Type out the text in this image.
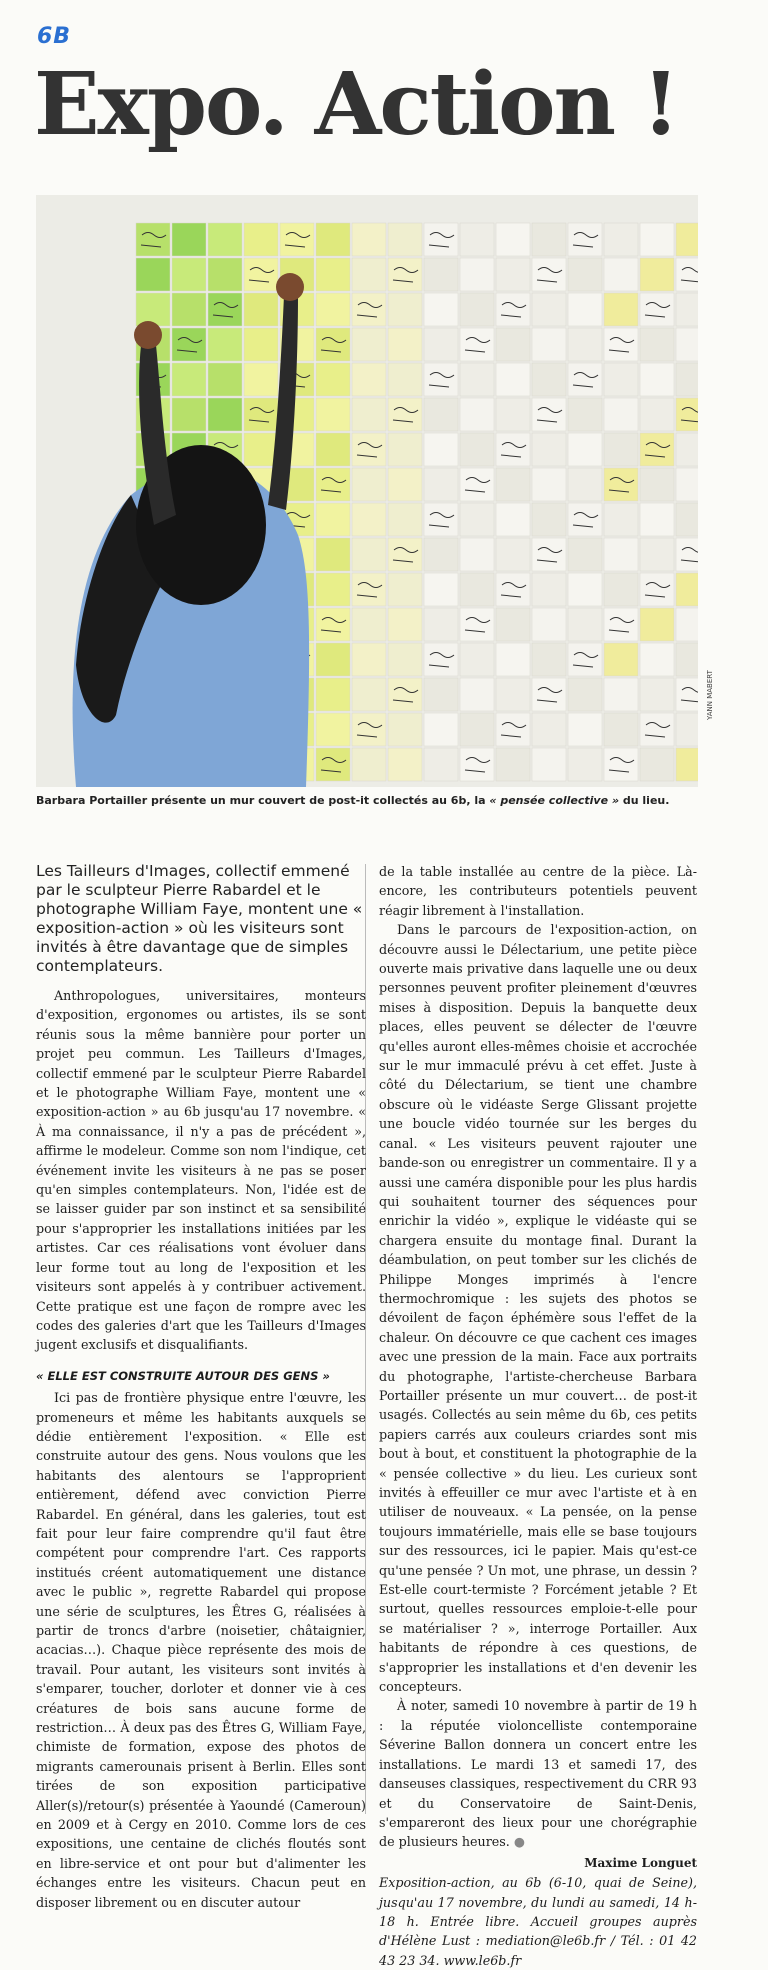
6B
Expo. Action !
YANN MABERT
Barbara Portailler présente un mur couvert de post-it collectés au 6b, la « pensée collective » du lieu.
Les Tailleurs d'Images, collectif emmené par le sculpteur Pierre Rabardel et le photographe William Faye, montent une « exposition-action » où les visiteurs sont invités à être davantage que de simples contemplateurs.

Anthropologues, universitaires, monteurs d'exposition, ergonomes ou artistes, ils se sont réunis sous la même bannière pour porter un projet peu commun. Les Tailleurs d'Images, collectif emmené par le sculpteur Pierre Rabardel et le photographe William Faye, montent une « exposition-action » au 6b jusqu'au 17 novembre. « À ma connaissance, il n'y a pas de précédent », affirme le modeleur. Comme son nom l'indique, cet événement invite les visiteurs à ne pas se poser qu'en simples contemplateurs. Non, l'idée est de se laisser guider par son instinct et sa sensibilité pour s'approprier les installations initiées par les artistes. Car ces réalisations vont évoluer dans leur forme tout au long de l'exposition et les visiteurs sont appelés à y contribuer activement. Cette pratique est une façon de rompre avec les codes des galeries d'art que les Tailleurs d'Images jugent exclusifs et disqualifiants.

« ELLE EST CONSTRUITE AUTOUR DES GENS »

Ici pas de frontière physique entre l'œuvre, les promeneurs et même les habitants auxquels se dédie entièrement l'exposition. « Elle est construite autour des gens. Nous voulons que les habitants des alentours se l'approprient entièrement, défend avec conviction Pierre Rabardel. En général, dans les galeries, tout est fait pour leur faire comprendre qu'il faut être compétent pour comprendre l'art. Ces rapports institués créent automatiquement une distance avec le public », regrette Rabardel qui propose une série de sculptures, les Êtres G, réalisées à partir de troncs d'arbre (noisetier, châtaignier, acacias…). Chaque pièce représente des mois de travail. Pour autant, les visiteurs sont invités à s'emparer, toucher, dorloter et donner vie à ces créatures de bois sans aucune forme de restriction… À deux pas des Êtres G, William Faye, chimiste de formation, expose des photos de migrants camerounais prisent à Berlin. Elles sont tirées de son exposition participative Aller(s)/retour(s) présentée à Yaoundé (Cameroun) en 2009 et à Cergy en 2010. Comme lors de ces expositions, une centaine de clichés floutés sont en libre-service et ont pour but d'alimenter les échanges entre les visiteurs. Chacun peut en disposer librement ou en discuter autour

de la table installée au centre de la pièce. Là-encore, les contributeurs potentiels peuvent réagir librement à l'installation.

Dans le parcours de l'exposition-action, on découvre aussi le Délectarium, une petite pièce ouverte mais privative dans laquelle une ou deux personnes peuvent profiter pleinement d'œuvres mises à disposition. Depuis la banquette deux places, elles peuvent se délecter de l'œuvre qu'elles auront elles-mêmes choisie et accrochée sur le mur immaculé prévu à cet effet. Juste à côté du Délectarium, se tient une chambre obscure où le vidéaste Serge Glissant projette une boucle vidéo tournée sur les berges du canal. « Les visiteurs peuvent rajouter une bande-son ou enregistrer un commentaire. Il y a aussi une caméra disponible pour les plus hardis qui souhaitent tourner des séquences pour enrichir la vidéo », explique le vidéaste qui se chargera ensuite du montage final. Durant la déambulation, on peut tomber sur les clichés de Philippe Monges imprimés à l'encre thermochromique : les sujets des photos se dévoilent de façon éphémère sous l'effet de la chaleur. On découvre ce que cachent ces images avec une pression de la main. Face aux portraits du photographe, l'artiste-chercheuse Barbara Portailler présente un mur couvert… de post-it usagés. Collectés au sein même du 6b, ces petits papiers carrés aux couleurs criardes sont mis bout à bout, et constituent la photographie de la « pensée collective » du lieu. Les curieux sont invités à effeuiller ce mur avec l'artiste et à en utiliser de nouveaux. « La pensée, on la pense toujours immatérielle, mais elle se base toujours sur des ressources, ici le papier. Mais qu'est-ce qu'une pensée ? Un mot, une phrase, un dessin ? Est-elle court-termiste ? Forcément jetable ? Et surtout, quelles ressources emploie-t-elle pour se matérialiser ? », interroge Portailler. Aux habitants de répondre à ces questions, de s'approprier les installations et d'en devenir les concepteurs.

À noter, samedi 10 novembre à partir de 19 h : la réputée violoncelliste contemporaine Séverine Ballon donnera un concert entre les installations. Le mardi 13 et samedi 17, des danseuses classiques, respectivement du CRR 93 et du Conservatoire de Saint-Denis, s'empareront des lieux pour une chorégraphie de plusieurs heures. ●

Maxime Longuet

Exposition-action, au 6b (6-10, quai de Seine), jusqu'au 17 novembre, du lundi au samedi, 14 h-18 h. Entrée libre. Accueil groupes auprès d'Hélène Lust : mediation@le6b.fr / Tél. : 01 42 43 23 34. www.le6b.fr
